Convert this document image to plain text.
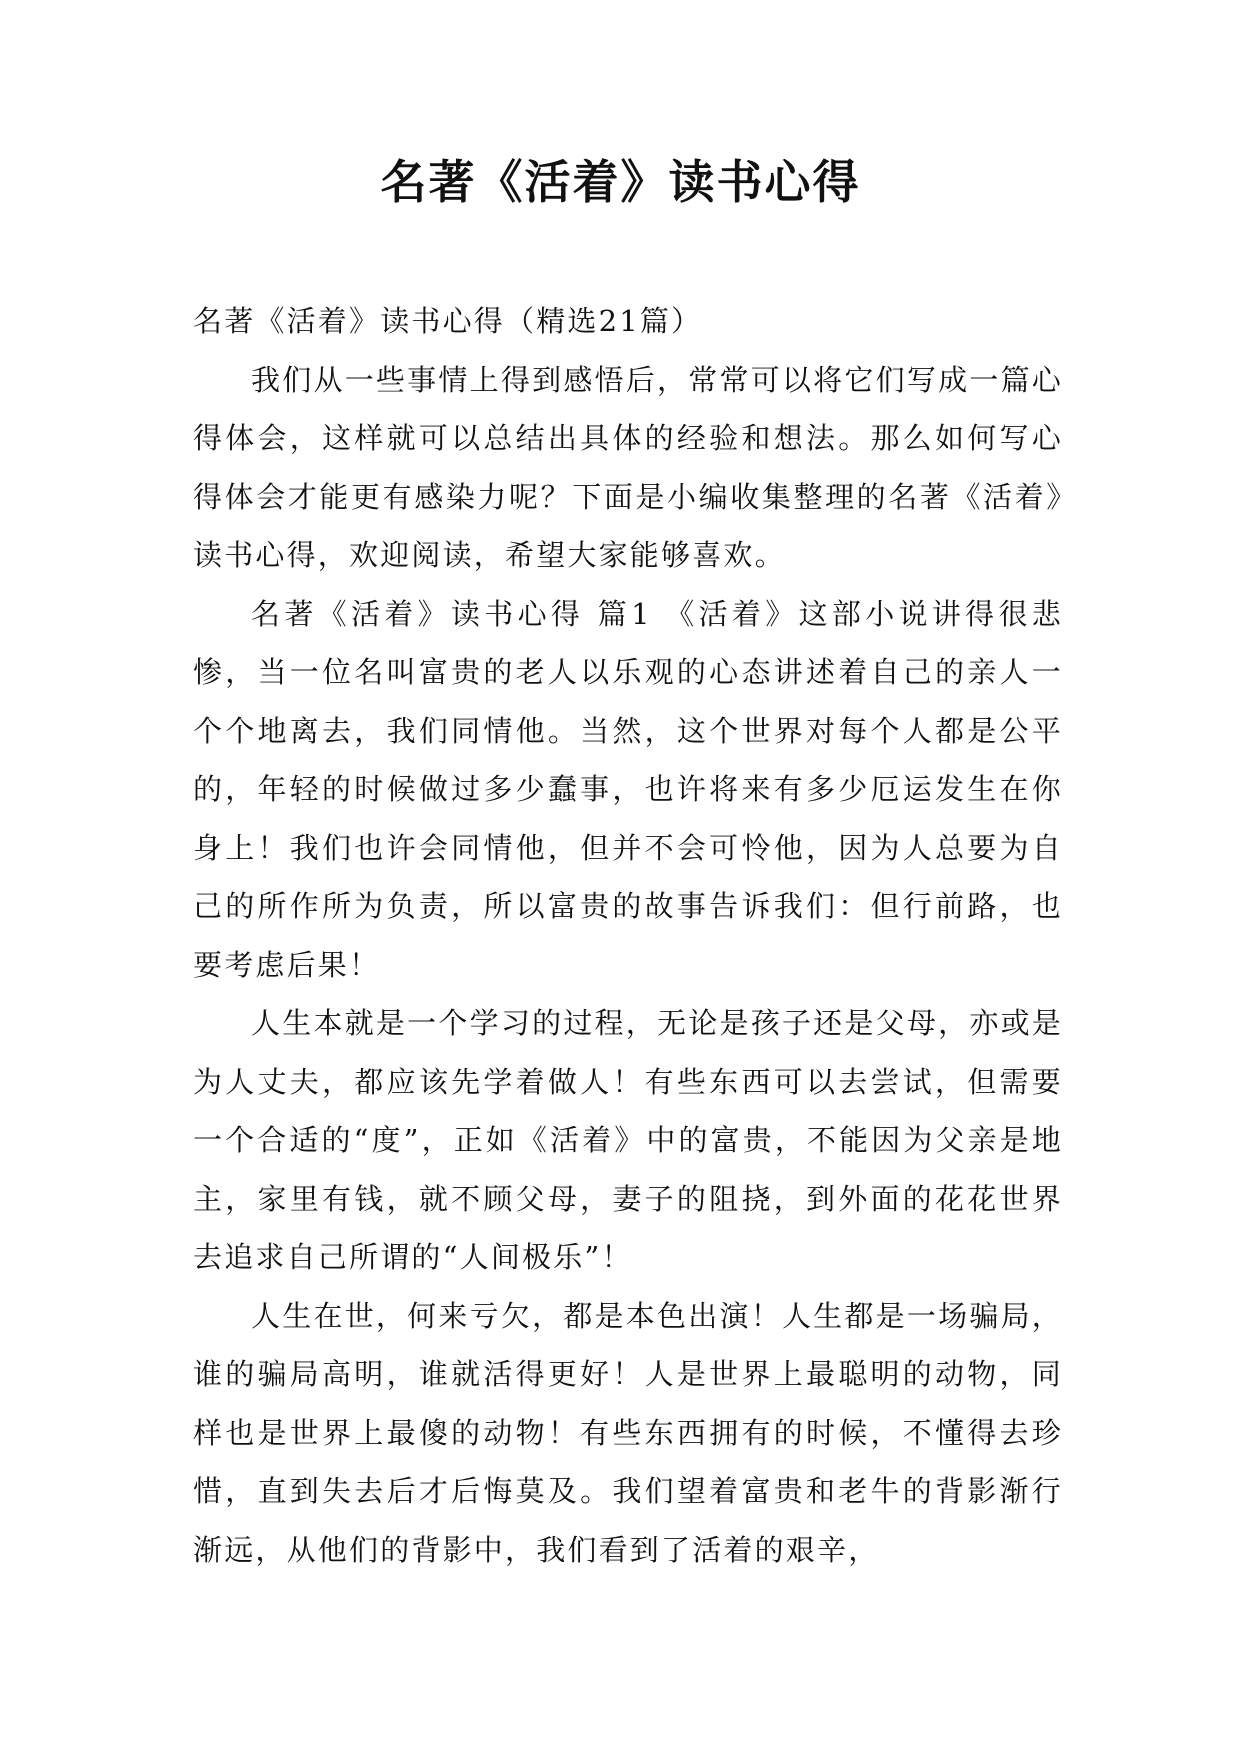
名著《活着》读书心得

名著《活着》读书心得（精选21篇）

我们从一些事情上得到感悟后，常常可以将它们写成一篇心得体会，这样就可以总结出具体的经验和想法。那么如何写心得体会才能更有感染力呢？下面是小编收集整理的名著《活着》读书心得，欢迎阅读，希望大家能够喜欢。

名著《活着》读书心得 篇1 《活着》这部小说讲得很悲惨，当一位名叫富贵的老人以乐观的心态讲述着自己的亲人一个个地离去，我们同情他。当然，这个世界对每个人都是公平的，年轻的时候做过多少蠢事，也许将来有多少厄运发生在你身上！我们也许会同情他，但并不会可怜他，因为人总要为自己的所作所为负责，所以富贵的故事告诉我们：但行前路，也要考虑后果！

人生本就是一个学习的过程，无论是孩子还是父母，亦或是为人丈夫，都应该先学着做人！有些东西可以去尝试，但需要一个合适的“度”，正如《活着》中的富贵，不能因为父亲是地主，家里有钱，就不顾父母，妻子的阻挠，到外面的花花世界去追求自己所谓的“人间极乐”！

人生在世，何来亏欠，都是本色出演！人生都是一场骗局，谁的骗局高明，谁就活得更好！人是世界上最聪明的动物，同样也是世界上最傻的动物！有些东西拥有的时候，不懂得去珍惜，直到失去后才后悔莫及。我们望着富贵和老牛的背影渐行渐远，从他们的背影中，我们看到了活着的艰辛，
